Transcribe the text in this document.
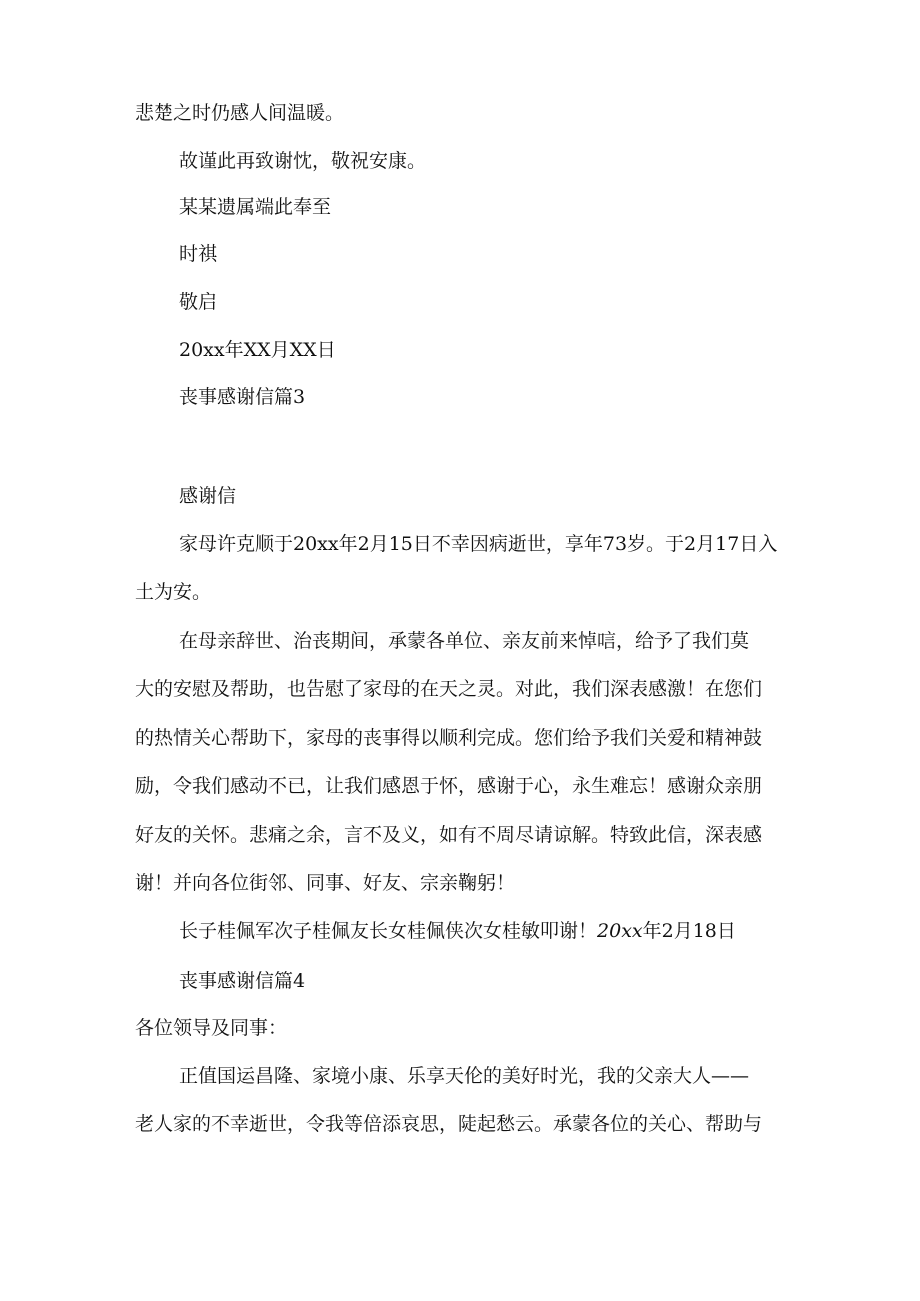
悲楚之时仍感人间温暖。

故谨此再致谢忱，敬祝安康。

某某遗属端此奉至

时祺

敬启

20xx年XX月XX日

丧事感谢信篇3

感谢信

家母许克顺于20xx年2月15日不幸因病逝世，享年73岁。于2月17日入

土为安。

在母亲辞世、治丧期间，承蒙各单位、亲友前来悼唁，给予了我们莫

大的安慰及帮助，也告慰了家母的在天之灵。对此，我们深表感激！在您们

的热情关心帮助下，家母的丧事得以顺利完成。您们给予我们关爱和精神鼓

励，令我们感动不已，让我们感恩于怀，感谢于心，永生难忘！感谢众亲朋

好友的关怀。悲痛之余，言不及义，如有不周尽请谅解。特致此信，深表感

谢！并向各位街邻、同事、好友、宗亲鞠躬！

长子桂佩军次子桂佩友长女桂佩侠次女桂敏叩谢！20xx年2月18日

丧事感谢信篇4

各位领导及同事：

正值国运昌隆、家境小康、乐享天伦的美好时光，我的父亲大人——

老人家的不幸逝世，令我等倍添哀思，陡起愁云。承蒙各位的关心、帮助与
